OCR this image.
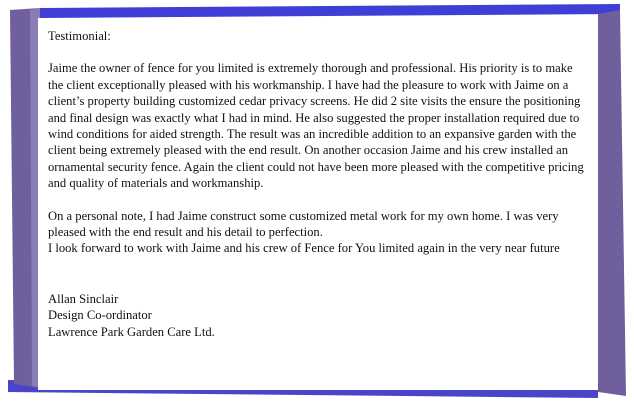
Testimonial:

Jaime the owner of fence for you limited is extremely thorough and professional. His priority is to make the client exceptionally pleased with his workmanship. I have had the pleasure to work with Jaime on a client’s property building customized cedar privacy screens. He did 2 site visits the ensure the positioning and final design was exactly what I had in mind. He also suggested the proper installation required due to wind conditions for aided strength. The result was an incredible addition to an expansive garden with the client being extremely pleased with the end result. On another occasion Jaime and his crew installed an ornamental security fence. Again the client could not have been more pleased with the competitive pricing and quality of materials and workmanship.

On a personal note, I had Jaime construct some customized metal work for my own home. I was very pleased with the end result and his detail to perfection.

I look forward to work with Jaime and his crew of Fence for You limited again in the very near future

Allan Sinclair

Design Co-ordinator

Lawrence Park Garden Care Ltd.
